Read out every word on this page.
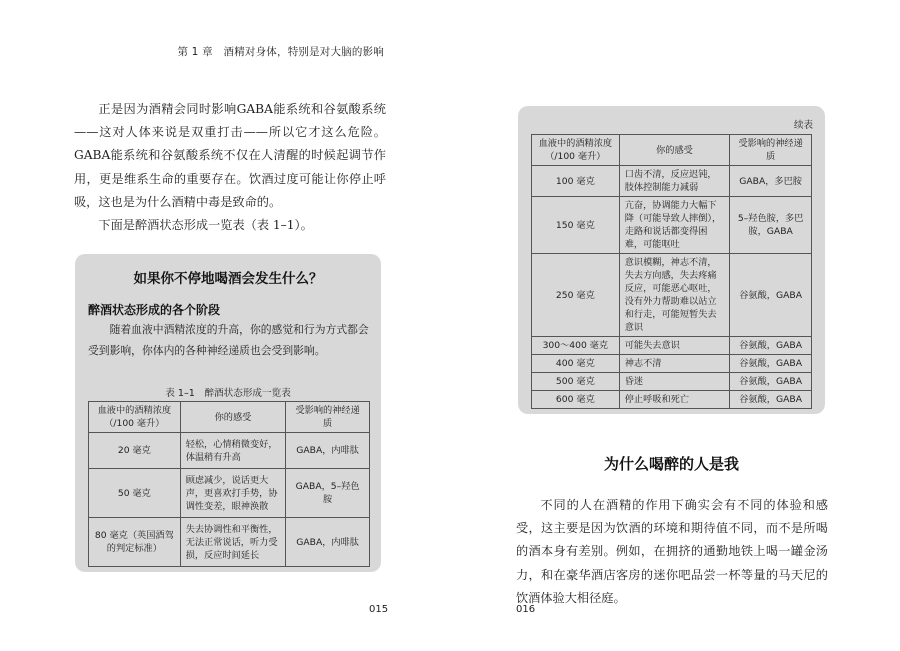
第 1 章　酒精对身体，特别是对大脑的影响

正是因为酒精会同时影响GABA能系统和谷氨酸系统——这对人体来说是双重打击——所以它才这么危险。GABA能系统和谷氨酸系统不仅在人清醒的时候起调节作用，更是维系生命的重要存在。饮酒过度可能让你停止呼吸，这也是为什么酒精中毒是致命的。

下面是醉酒状态形成一览表（表 1–1）。

如果你不停地喝酒会发生什么？
醉酒状态形成的各个阶段

随着血液中酒精浓度的升高，你的感觉和行为方式都会受到影响，你体内的各种神经递质也会受到影响。

表 1–1　醉酒状态形成一览表
血液中的酒精浓度（/100 毫升）	你的感受	受影响的神经递质
20 毫克	轻松，心情稍微变好，体温稍有升高	GABA，内啡肽
50 毫克	顾虑减少，说话更大声，更喜欢打手势，协调性变差，眼神涣散	GABA，5–羟色胺
80 毫克（英国酒驾的判定标准）	失去协调性和平衡性，无法正常说话，听力受损，反应时间延长	GABA，内啡肽
015
续表
血液中的酒精浓度（/100 毫升）	你的感受	受影响的神经递质
100 毫克	口齿不清，反应迟钝，肢体控制能力减弱	GABA，多巴胺
150 毫克	亢奋，协调能力大幅下降（可能导致人摔倒），走路和说话都变得困难，可能呕吐	5–羟色胺，多巴胺，GABA
250 毫克	意识模糊，神志不清，失去方向感，失去疼痛反应，可能恶心呕吐，没有外力帮助难以站立和行走，可能短暂失去意识	谷氨酸，GABA
300～400 毫克	可能失去意识	谷氨酸，GABA
400 毫克	神志不清	谷氨酸，GABA
500 毫克	昏迷	谷氨酸，GABA
600 毫克	停止呼吸和死亡	谷氨酸，GABA
为什么喝醉的人是我

不同的人在酒精的作用下确实会有不同的体验和感受，这主要是因为饮酒的环境和期待值不同，而不是所喝的酒本身有差别。例如，在拥挤的通勤地铁上喝一罐金汤力，和在豪华酒店客房的迷你吧品尝一杯等量的马天尼的饮酒体验大相径庭。

016
